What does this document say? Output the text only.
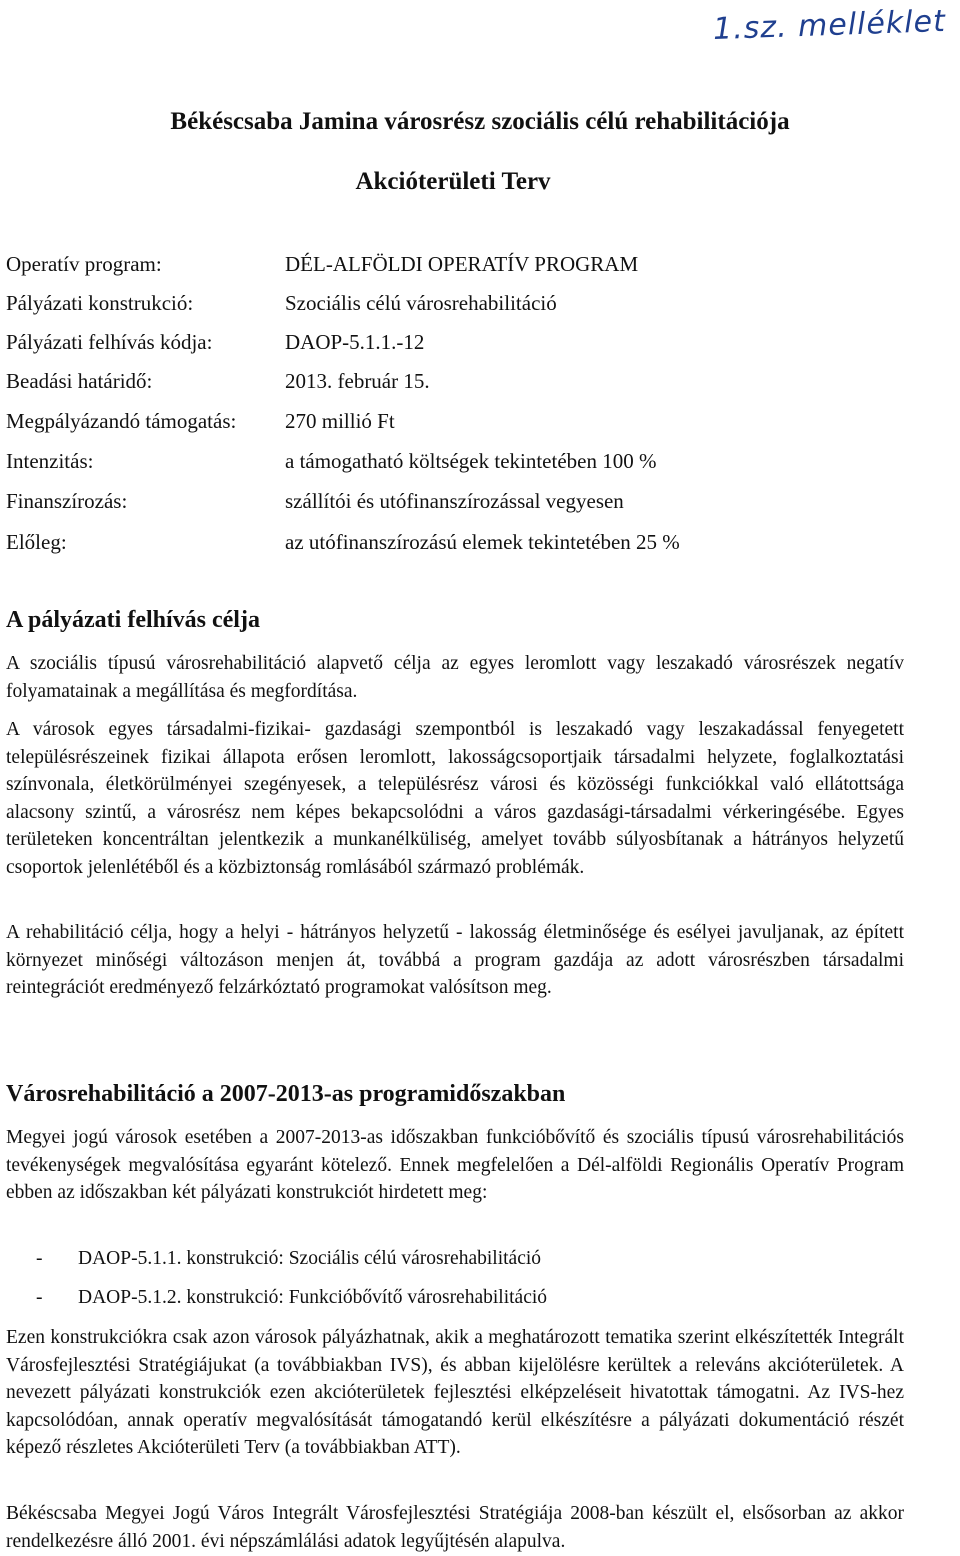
1.sz. melléklet
Békéscsaba Jamina városrész szociális célú rehabilitációja
Akcióterületi Terv
Operatív program:	DÉL-ALFÖLDI OPERATÍV PROGRAM
Pályázati konstrukció:	Szociális célú városrehabilitáció
Pályázati felhívás kódja:	DAOP-5.1.1.-12
Beadási határidő:	2013. február 15.
Megpályázandó támogatás: 270 millió Ft
Intenzitás:	a támogatható költségek tekintetében 100 %
Finanszírozás:	szállítói és utófinanszírozással vegyesen
Előleg:	az utófinanszírozású elemek tekintetében 25 %
A pályázati felhívás célja

A szociális típusú városrehabilitáció alapvető célja az egyes leromlott vagy leszakadó városrészek negatív folyamatainak a megállítása és megfordítása.

A városok egyes társadalmi-fizikai- gazdasági szempontból is leszakadó vagy leszakadással fenyegetett településrészeinek fizikai állapota erősen leromlott, lakosságcsoportjaik társadalmi helyzete, foglalkoztatási színvonala, életkörülményei szegényesek, a településrész városi és közösségi funkciókkal való ellátottsága alacsony szintű, a városrész nem képes bekapcsolódni a város gazdasági-társadalmi vérkeringésébe. Egyes területeken koncentráltan jelentkezik a munkanélküliség, amelyet tovább súlyosbítanak a hátrányos helyzetű csoportok jelenlétéből és a közbiztonság romlásából származó problémák.

A rehabilitáció célja, hogy a helyi - hátrányos helyzetű - lakosság életminősége és esélyei javuljanak, az épített környezet minőségi változáson menjen át, továbbá a program gazdája az adott városrészben társadalmi reintegrációt eredményező felzárkóztató programokat valósítson meg.

Városrehabilitáció a 2007-2013-as programidőszakban

Megyei jogú városok esetében a 2007-2013-as időszakban funkcióbővítő és szociális típusú városrehabilitációs tevékenységek megvalósítása egyaránt kötelező. Ennek megfelelően a Dél-alföldi Regionális Operatív Program ebben az időszakban két pályázati konstrukciót hirdetett meg:

- DAOP-5.1.1. konstrukció: Szociális célú városrehabilitáció
- DAOP-5.1.2. konstrukció: Funkcióbővítő városrehabilitáció

Ezen konstrukciókra csak azon városok pályázhatnak, akik a meghatározott tematika szerint elkészítették Integrált Városfejlesztési Stratégiájukat (a továbbiakban IVS), és abban kijelölésre kerültek a releváns akcióterületek. A nevezett pályázati konstrukciók ezen akcióterületek fejlesztési elképzeléseit hivatottak támogatni. Az IVS-hez kapcsolódóan, annak operatív megvalósítását támogatandó kerül elkészítésre a pályázati dokumentáció részét képező részletes Akcióterületi Terv (a továbbiakban ATT).

Békéscsaba Megyei Jogú Város Integrált Városfejlesztési Stratégiája 2008-ban készült el, elsősorban az akkor rendelkezésre álló 2001. évi népszámlálási adatok legyűjtésén alapulva.
